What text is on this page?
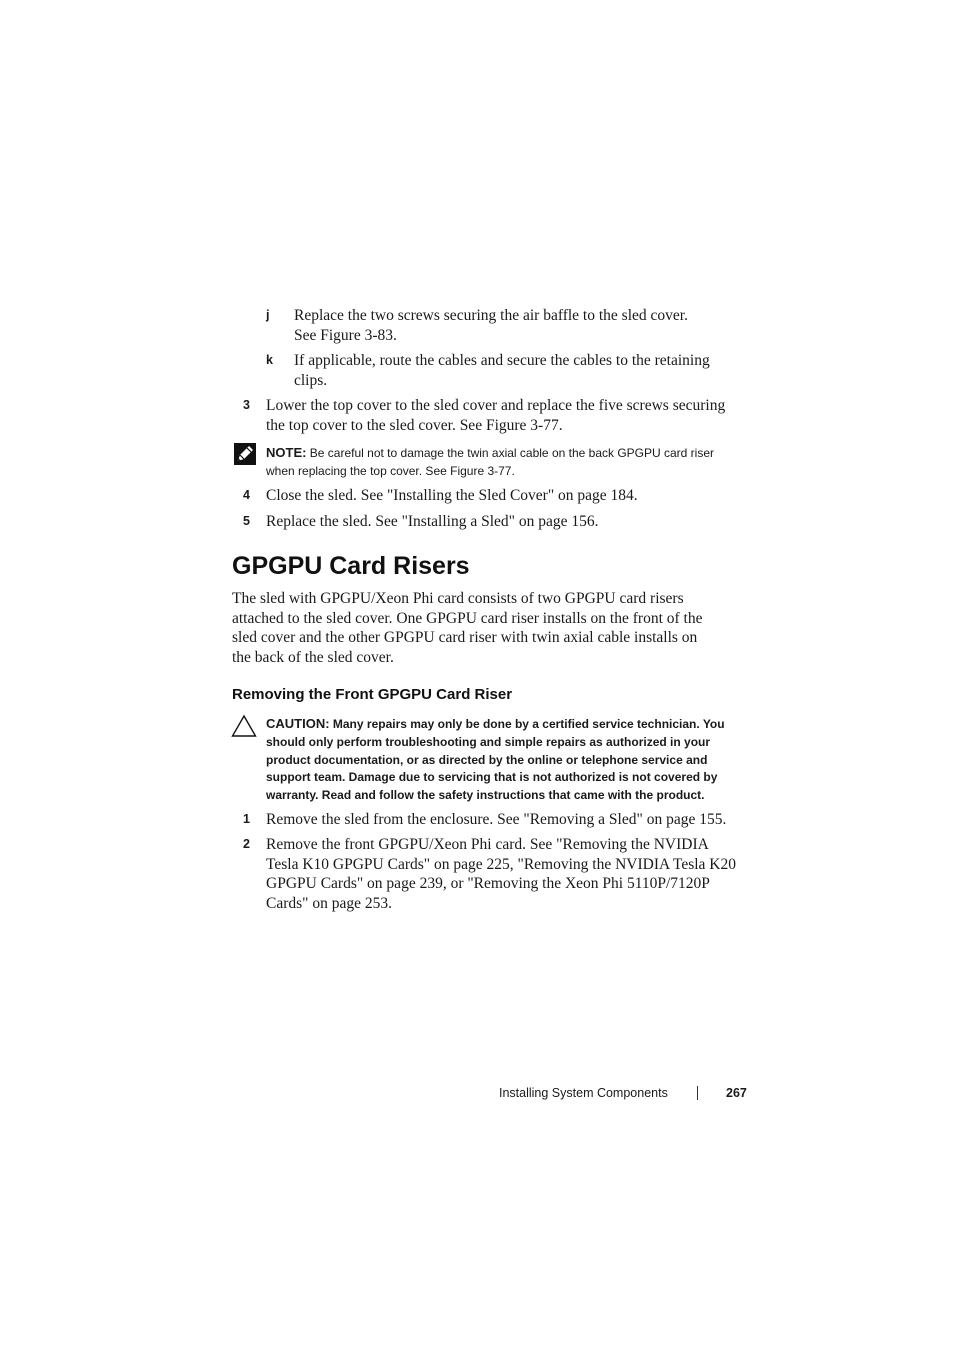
j Replace the two screws securing the air baffle to the sled cover.
See Figure 3-83.
k If applicable, route the cables and secure the cables to the retaining
clips.
3 Lower the top cover to the sled cover and replace the five screws securing
the top cover to the sled cover. See Figure 3-77.
NOTE: Be careful not to damage the twin axial cable on the back GPGPU card riser
when replacing the top cover. See Figure 3-77.
4 Close the sled. See "Installing the Sled Cover" on page 184.
5 Replace the sled. See "Installing a Sled" on page 156.
GPGPU Card Risers
The sled with GPGPU/Xeon Phi card consists of two GPGPU card risers
attached to the sled cover. One GPGPU card riser installs on the front of the
sled cover and the other GPGPU card riser with twin axial cable installs on
the back of the sled cover.
Removing the Front GPGPU Card Riser
CAUTION: Many repairs may only be done by a certified service technician. You
should only perform troubleshooting and simple repairs as authorized in your
product documentation, or as directed by the online or telephone service and
support team. Damage due to servicing that is not authorized is not covered by
warranty. Read and follow the safety instructions that came with the product.
1 Remove the sled from the enclosure. See "Removing a Sled" on page 155.
2 Remove the front GPGPU/Xeon Phi card. See "Removing the NVIDIA
Tesla K10 GPGPU Cards" on page 225, "Removing the NVIDIA Tesla K20
GPGPU Cards" on page 239, or "Removing the Xeon Phi 5110P/7120P
Cards" on page 253.
Installing System Components	267
